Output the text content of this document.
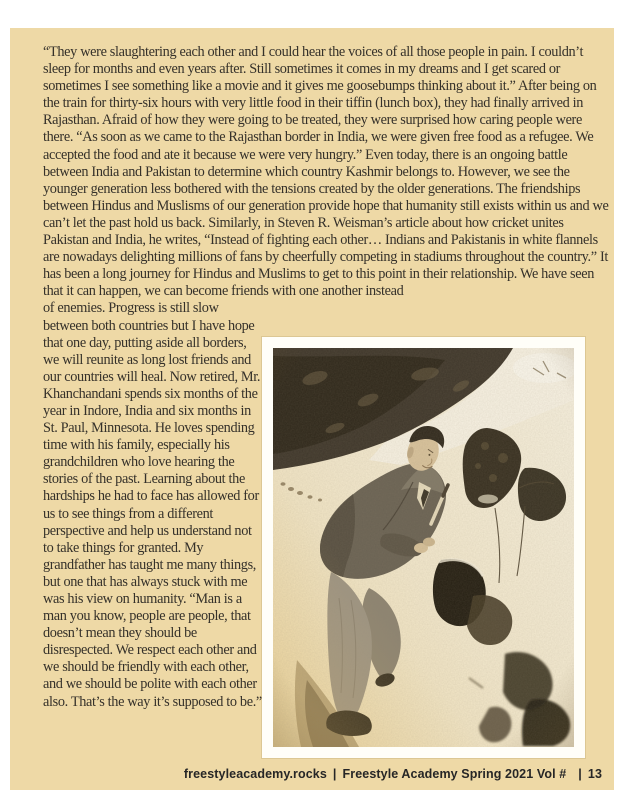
“They were slaughtering each other and I could hear the voices of all those people in pain. I couldn’t sleep for months and even years after. Still sometimes it comes in my dreams and I get scared or sometimes I see something like a movie and it gives me goosebumps thinking about it.” After being on the train for thirty-six hours with very little food in their tiffin (lunch box), they had finally arrived in Rajasthan. Afraid of how they were going to be treated, they were surprised how caring people were there. “As soon as we came to the Rajasthan border in India, we were given free food as a refugee. We accepted the food and ate it because we were very hungry.” Even today, there is an ongoing battle between India and Pakistan to determine which country Kashmir belongs to. However, we see the younger generation less bothered with the tensions created by the older generations. The friendships between Hindus and Muslisms of our generation provide hope that humanity still exists within us and we can’t let the past hold us back. Similarly, in Steven R. Weisman’s article about how cricket unites Pakistan and India, he writes, “Instead of fighting each other… Indians and Pakistanis in white flannels are nowadays delighting millions of fans by cheerfully competing in stadiums throughout the country.” It has been a long journey for Hindus and Muslims to get to this point in their relationship. We have seen that it can happen, we can become friends with one another instead

of enemies. Progress is still slow between both countries but I have hope that one day, putting aside all borders, we will reunite as long lost friends and our countries will heal. Now retired, Mr. Khanchandani spends six months of the year in Indore, India and six months in St. Paul, Minnesota. He loves spending time with his family, especially his grandchildren who love hearing the stories of the past. Learning about the hardships he had to face has allowed for us to see things from a different perspective and help us understand not to take things for granted. My grandfather has taught me many things, but one that has always stuck with me was his view on humanity. “Man is a man you know, people are people, that doesn’t mean they should be disrespected. We respect each other and we should be friendly with each other, and we should be polite with each other also. That’s the way it’s supposed to be.”

freestyleacademy.rocks | Freestyle Academy Spring 2021 Vol # | 13
